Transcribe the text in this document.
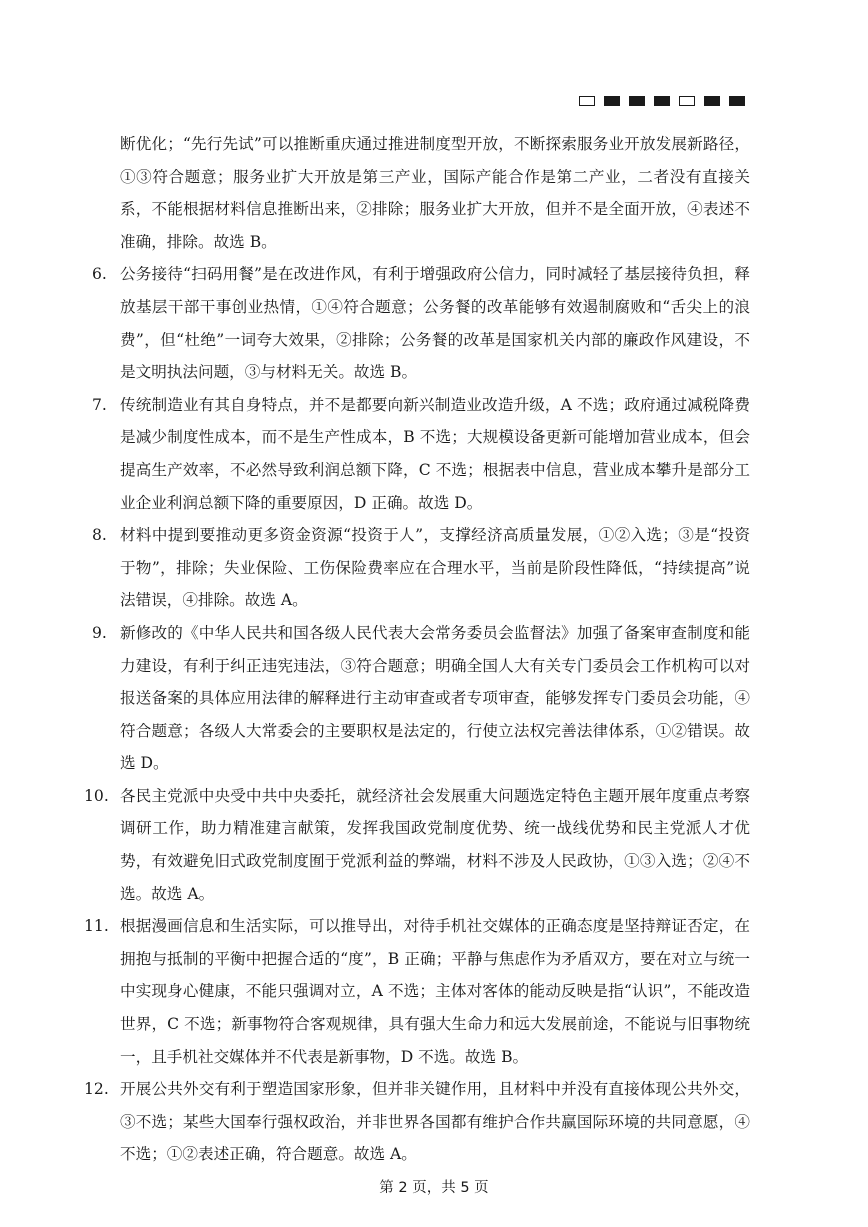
断优化；“先行先试”可以推断重庆通过推进制度型开放，不断探索服务业开放发展新路径，①③符合题意；服务业扩大开放是第三产业，国际产能合作是第二产业，二者没有直接关系，不能根据材料信息推断出来，②排除；服务业扩大开放，但并不是全面开放，④表述不准确，排除。故选 B。
6. 公务接待“扫码用餐”是在改进作风，有利于增强政府公信力，同时减轻了基层接待负担，释放基层干部干事创业热情，①④符合题意；公务餐的改革能够有效遏制腐败和“舌尖上的浪费”，但“杜绝”一词夸大效果，②排除；公务餐的改革是国家机关内部的廉政作风建设，不是文明执法问题，③与材料无关。故选 B。
7. 传统制造业有其自身特点，并不是都要向新兴制造业改造升级，A 不选；政府通过减税降费是减少制度性成本，而不是生产性成本，B 不选；大规模设备更新可能增加营业成本，但会提高生产效率，不必然导致利润总额下降，C 不选；根据表中信息，营业成本攀升是部分工业企业利润总额下降的重要原因，D 正确。故选 D。
8. 材料中提到要推动更多资金资源“投资于人”，支撑经济高质量发展，①②入选；③是“投资于物”，排除；失业保险、工伤保险费率应在合理水平，当前是阶段性降低，“持续提高”说法错误，④排除。故选 A。
9. 新修改的《中华人民共和国各级人民代表大会常务委员会监督法》加强了备案审查制度和能力建设，有利于纠正违宪违法，③符合题意；明确全国人大有关专门委员会工作机构可以对报送备案的具体应用法律的解释进行主动审查或者专项审查，能够发挥专门委员会功能，④符合题意；各级人大常委会的主要职权是法定的，行使立法权完善法律体系，①②错误。故选 D。
10. 各民主党派中央受中共中央委托，就经济社会发展重大问题选定特色主题开展年度重点考察调研工作，助力精准建言献策，发挥我国政党制度优势、统一战线优势和民主党派人才优势，有效避免旧式政党制度囿于党派利益的弊端，材料不涉及人民政协，①③入选；②④不选。故选 A。
11. 根据漫画信息和生活实际，可以推导出，对待手机社交媒体的正确态度是坚持辩证否定，在拥抱与抵制的平衡中把握合适的“度”，B 正确；平静与焦虑作为矛盾双方，要在对立与统一中实现身心健康，不能只强调对立，A 不选；主体对客体的能动反映是指“认识”，不能改造世界，C 不选；新事物符合客观规律，具有强大生命力和远大发展前途，不能说与旧事物统一，且手机社交媒体并不代表是新事物，D 不选。故选 B。
12. 开展公共外交有利于塑造国家形象，但并非关键作用，且材料中并没有直接体现公共外交，③不选；某些大国奉行强权政治，并非世界各国都有维护合作共赢国际环境的共同意愿，④不选；①②表述正确，符合题意。故选 A。
第 2 页，共 5 页
